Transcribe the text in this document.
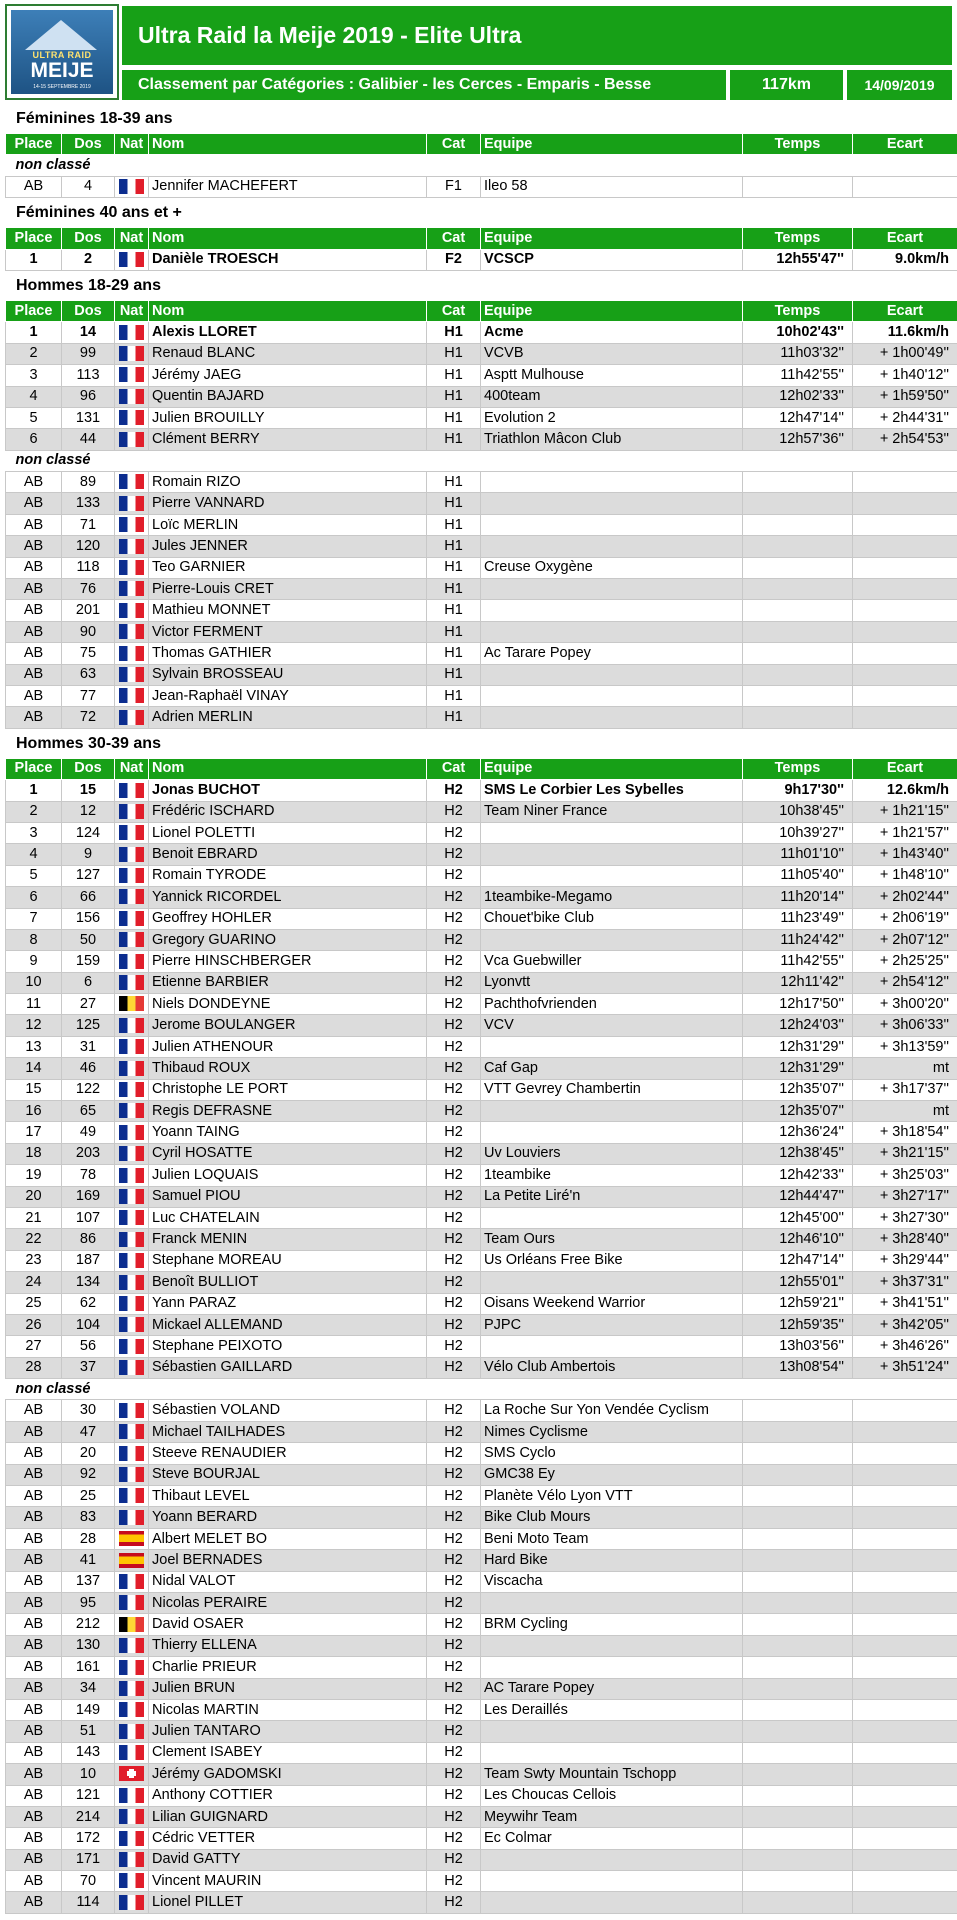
ULTRA RAID
MEIJE
14-15 SEPTEMBRE 2019
Ultra Raid la Meije 2019 - Elite Ultra
Classement par Catégories : Galibier - les Cerces - Emparis - Besse	117km	14/09/2019
Féminines 18-39 ans
Place	Dos	Nat	Nom	Cat	Equipe	Temps	Ecart
non classé							
AB	4		Jennifer MACHEFERT	F1	Ileo 58		
Féminines 40 ans et +
Place	Dos	Nat	Nom	Cat	Equipe	Temps	Ecart
1	2		Danièle TROESCH	F2	VCSCP	12h55'47''	9.0km/h
Hommes 18-29 ans
Place	Dos	Nat	Nom	Cat	Equipe	Temps	Ecart
1	14		Alexis LLORET	H1	Acme	10h02'43''	11.6km/h
2	99		Renaud BLANC	H1	VCVB	11h03'32''	+ 1h00'49''
3	113		Jérémy JAEG	H1	Asptt Mulhouse	11h42'55''	+ 1h40'12''
4	96		Quentin BAJARD	H1	400team	12h02'33''	+ 1h59'50''
5	131		Julien BROUILLY	H1	Evolution 2	12h47'14''	+ 2h44'31''
6	44		Clément BERRY	H1	Triathlon Mâcon Club	12h57'36''	+ 2h54'53''
non classé							
AB	89		Romain RIZO	H1			
AB	133		Pierre VANNARD	H1			
AB	71		Loïc MERLIN	H1			
AB	120		Jules JENNER	H1			
AB	118		Teo GARNIER	H1	Creuse Oxygène		
AB	76		Pierre-Louis CRET	H1			
AB	201		Mathieu MONNET	H1			
AB	90		Victor FERMENT	H1			
AB	75		Thomas GATHIER	H1	Ac Tarare Popey		
AB	63		Sylvain BROSSEAU	H1			
AB	77		Jean-Raphaël VINAY	H1			
AB	72		Adrien MERLIN	H1			
Hommes 30-39 ans
Place	Dos	Nat	Nom	Cat	Equipe	Temps	Ecart
1	15		Jonas BUCHOT	H2	SMS Le Corbier Les Sybelles	9h17'30''	12.6km/h
2	12		Frédéric ISCHARD	H2	Team Niner France	10h38'45''	+ 1h21'15''
3	124		Lionel POLETTI	H2		10h39'27''	+ 1h21'57''
4	9		Benoit EBRARD	H2		11h01'10''	+ 1h43'40''
5	127		Romain TYRODE	H2		11h05'40''	+ 1h48'10''
6	66		Yannick RICORDEL	H2	1teambike-Megamo	11h20'14''	+ 2h02'44''
7	156		Geoffrey HOHLER	H2	Chouet'bike Club	11h23'49''	+ 2h06'19''
8	50		Gregory GUARINO	H2		11h24'42''	+ 2h07'12''
9	159		Pierre HINSCHBERGER	H2	Vca Guebwiller	11h42'55''	+ 2h25'25''
10	6		Etienne BARBIER	H2	Lyonvtt	12h11'42''	+ 2h54'12''
11	27		Niels DONDEYNE	H2	Pachthofvrienden	12h17'50''	+ 3h00'20''
12	125		Jerome BOULANGER	H2	VCV	12h24'03''	+ 3h06'33''
13	31		Julien ATHENOUR	H2		12h31'29''	+ 3h13'59''
14	46		Thibaud ROUX	H2	Caf Gap	12h31'29''	mt
15	122		Christophe LE PORT	H2	VTT Gevrey Chambertin	12h35'07''	+ 3h17'37''
16	65		Regis DEFRASNE	H2		12h35'07''	mt
17	49		Yoann TAING	H2		12h36'24''	+ 3h18'54''
18	203		Cyril HOSATTE	H2	Uv Louviers	12h38'45''	+ 3h21'15''
19	78		Julien LOQUAIS	H2	1teambike	12h42'33''	+ 3h25'03''
20	169		Samuel PIOU	H2	La Petite Liré'n	12h44'47''	+ 3h27'17''
21	107		Luc CHATELAIN	H2		12h45'00''	+ 3h27'30''
22	86		Franck MENIN	H2	Team Ours	12h46'10''	+ 3h28'40''
23	187		Stephane MOREAU	H2	Us Orléans Free Bike	12h47'14''	+ 3h29'44''
24	134		Benoît BULLIOT	H2		12h55'01''	+ 3h37'31''
25	62		Yann PARAZ	H2	Oisans Weekend Warrior	12h59'21''	+ 3h41'51''
26	104		Mickael ALLEMAND	H2	PJPC	12h59'35''	+ 3h42'05''
27	56		Stephane PEIXOTO	H2		13h03'56''	+ 3h46'26''
28	37		Sébastien GAILLARD	H2	Vélo Club Ambertois	13h08'54''	+ 3h51'24''
non classé							
AB	30		Sébastien VOLAND	H2	La Roche Sur Yon Vendée Cyclism		
AB	47		Michael TAILHADES	H2	Nimes Cyclisme		
AB	20		Steeve RENAUDIER	H2	SMS Cyclo		
AB	92		Steve BOURJAL	H2	GMC38 Ey		
AB	25		Thibaut LEVEL	H2	Planète Vélo Lyon VTT		
AB	83		Yoann BERARD	H2	Bike Club Mours		
AB	28		Albert MELET BO	H2	Beni Moto Team		
AB	41		Joel BERNADES	H2	Hard Bike		
AB	137		Nidal VALOT	H2	Viscacha		
AB	95		Nicolas PERAIRE	H2			
AB	212		David OSAER	H2	BRM Cycling		
AB	130		Thierry ELLENA	H2			
AB	161		Charlie PRIEUR	H2			
AB	34		Julien BRUN	H2	AC Tarare Popey		
AB	149		Nicolas MARTIN	H2	Les Deraillés		
AB	51		Julien TANTARO	H2			
AB	143		Clement ISABEY	H2			
AB	10		Jérémy GADOMSKI	H2	Team Swty Mountain Tschopp		
AB	121		Anthony COTTIER	H2	Les Choucas Cellois		
AB	214		Lilian GUIGNARD	H2	Meywihr Team		
AB	172		Cédric VETTER	H2	Ec Colmar		
AB	171		David GATTY	H2			
AB	70		Vincent MAURIN	H2			
AB	114		Lionel PILLET	H2			
